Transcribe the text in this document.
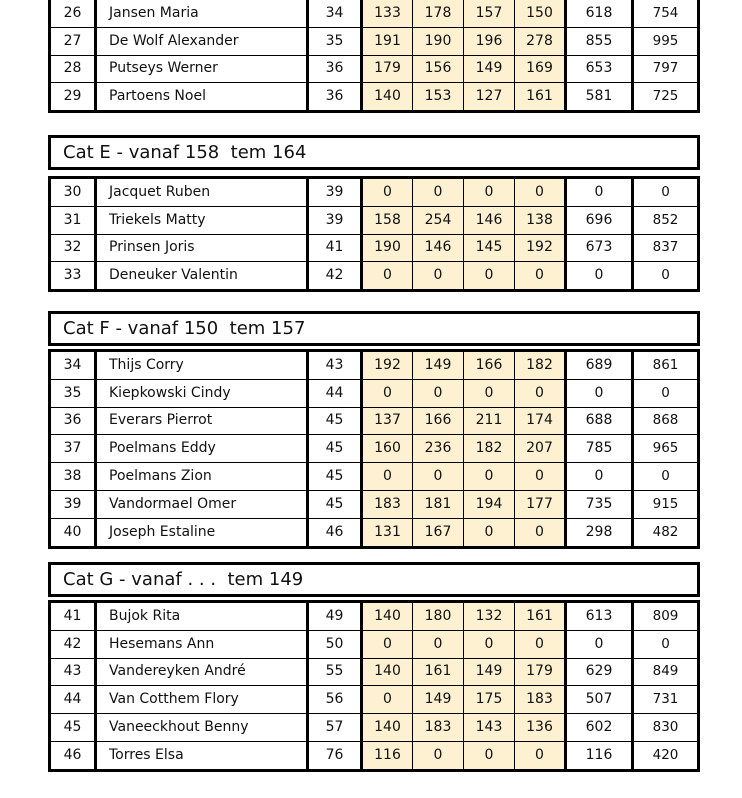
26	Jansen Maria	34	133	178	157	150	618	754
27	De Wolf Alexander	35	191	190	196	278	855	995
28	Putseys Werner	36	179	156	149	169	653	797
29	Partoens Noel	36	140	153	127	161	581	725
Cat E - vanaf 158  tem 164
30	Jacquet Ruben	39	0	0	0	0	0	0
31	Triekels Matty	39	158	254	146	138	696	852
32	Prinsen Joris	41	190	146	145	192	673	837
33	Deneuker Valentin	42	0	0	0	0	0	0
Cat F - vanaf 150  tem 157
34	Thijs Corry	43	192	149	166	182	689	861
35	Kiepkowski Cindy	44	0	0	0	0	0	0
36	Everars Pierrot	45	137	166	211	174	688	868
37	Poelmans Eddy	45	160	236	182	207	785	965
38	Poelmans Zion	45	0	0	0	0	0	0
39	Vandormael Omer	45	183	181	194	177	735	915
40	Joseph Estaline	46	131	167	0	0	298	482
Cat G - vanaf . . .  tem 149
41	Bujok Rita	49	140	180	132	161	613	809
42	Hesemans Ann	50	0	0	0	0	0	0
43	Vandereyken André	55	140	161	149	179	629	849
44	Van Cotthem Flory	56	0	149	175	183	507	731
45	Vaneeckhout Benny	57	140	183	143	136	602	830
46	Torres Elsa	76	116	0	0	0	116	420
